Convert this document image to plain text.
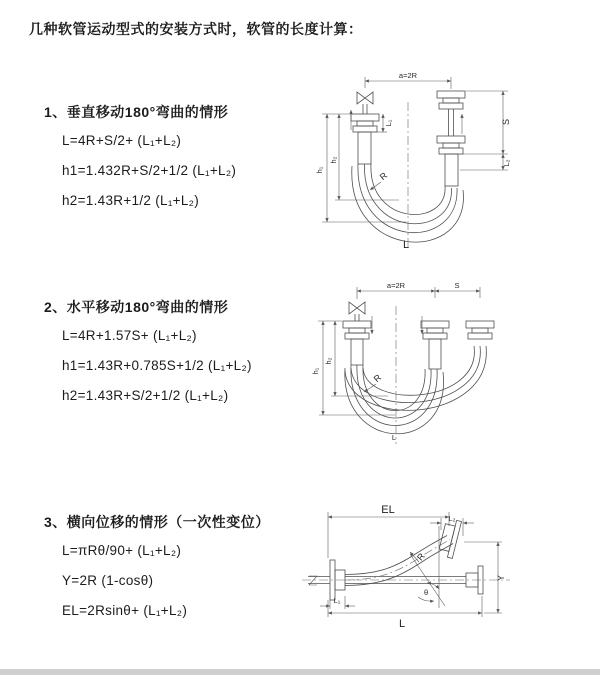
几种软管运动型式的安装方式时，软管的长度计算：
1、垂直移动180°弯曲的情形
L=4R+S/2+ (L₁+L₂)
h1=1.432R+S/2+1/2 (L₁+L₂)
h2=1.43R+1/2 (L₁+L₂)
2、水平移动180°弯曲的情形
L=4R+1.57S+ (L₁+L₂)
h1=1.43R+0.785S+1/2 (L₁+L₂)
h2=1.43R+S/2+1/2 (L₁+L₂)
3、横向位移的情形（一次性变位）
L=πRθ/90+ (L₁+L₂)
Y=2R (1-cosθ)
EL=2Rsinθ+ (L₁+L₂)
a=2R
h₁
h₂
L₁	S
L₂
R
L
a=2R	S
h₁
h₂
R
L
EL
L₂
θ
R
Y
L₁
L
